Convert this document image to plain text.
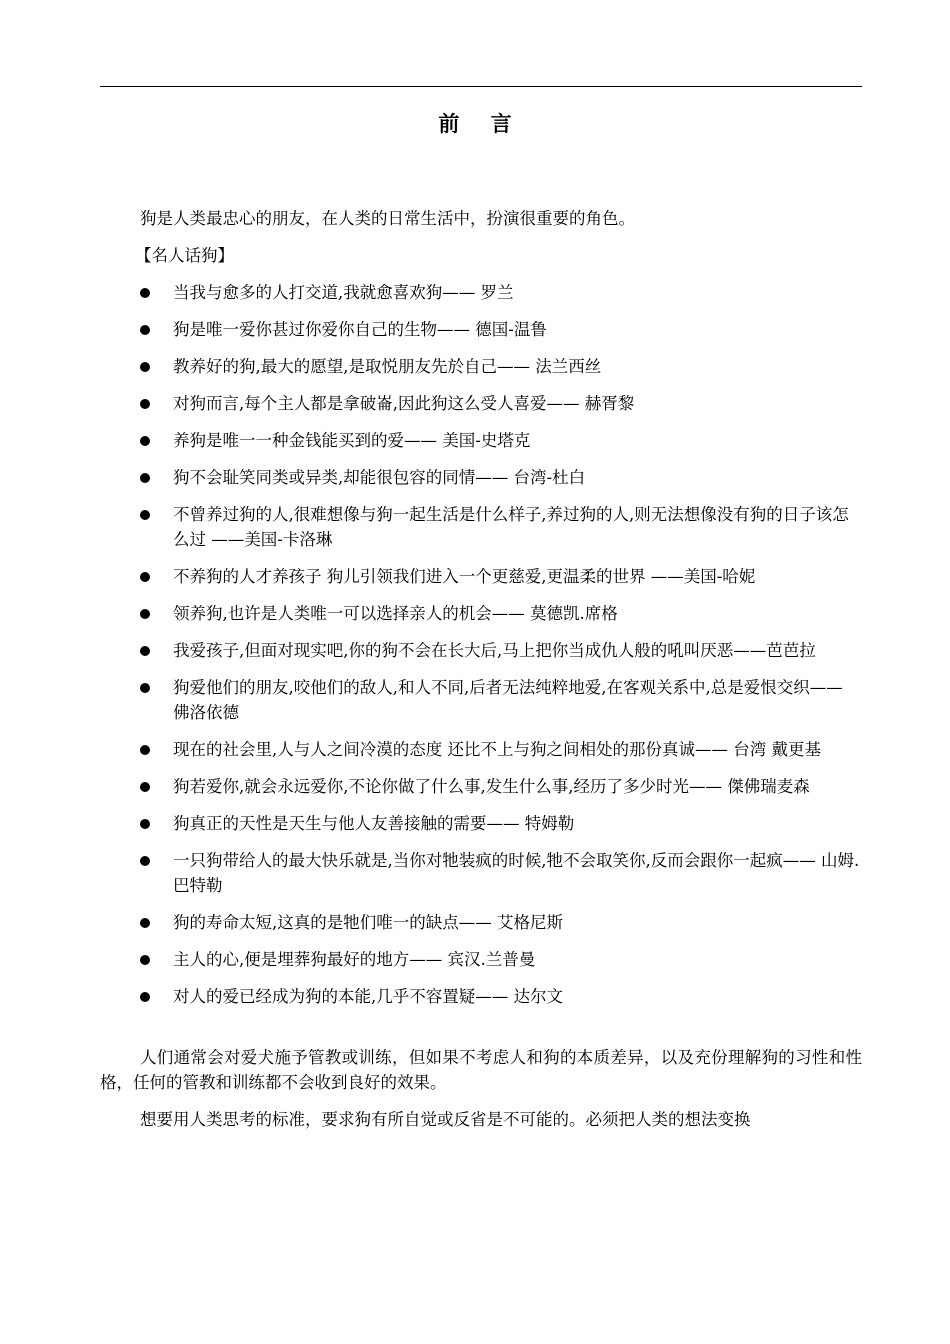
前 言

狗是人类最忠心的朋友，在人类的日常生活中，扮演很重要的角色。

【名人话狗】

当我与愈多的人打交道,我就愈喜欢狗—— 罗兰
狗是唯一爱你甚过你爱你自己的生物—— 德国-温鲁
教养好的狗,最大的愿望,是取悦朋友先於自己—— 法兰西丝
对狗而言,每个主人都是拿破崙,因此狗这么受人喜爱—— 赫胥黎
养狗是唯一一种金钱能买到的爱—— 美国-史塔克
狗不会耻笑同类或异类,却能很包容的同情—— 台湾-杜白
不曾养过狗的人,很难想像与狗一起生活是什么样子,养过狗的人,则无法想像没有狗的日子该怎么过 ——美国-卡洛琳
不养狗的人才养孩子 狗儿引领我们进入一个更慈爱,更温柔的世界 ——美国-哈妮
领养狗,也许是人类唯一可以选择亲人的机会—— 莫德凯.席格
我爱孩子,但面对现实吧,你的狗不会在长大后,马上把你当成仇人般的吼叫厌恶——芭芭拉
狗爱他们的朋友,咬他们的敌人,和人不同,后者无法纯粹地爱,在客观关系中,总是爱恨交织—— 佛洛依德
现在的社会里,人与人之间冷漠的态度 还比不上与狗之间相处的那份真诚—— 台湾 戴更基
狗若爱你,就会永远爱你,不论你做了什么事,发生什么事,经历了多少时光—— 傑佛瑞麦森
狗真正的天性是天生与他人友善接触的需要—— 特姆勒
一只狗带给人的最大快乐就是,当你对牠装疯的时候,牠不会取笑你,反而会跟你一起疯—— 山姆.巴特勒
狗的寿命太短,这真的是牠们唯一的缺点—— 艾格尼斯
主人的心,便是埋葬狗最好的地方—— 宾汉.兰普曼
对人的爱已经成为狗的本能,几乎不容置疑—— 达尔文

人们通常会对爱犬施予管教或训练，但如果不考虑人和狗的本质差异，以及充份理解狗的习性和性格，任何的管教和训练都不会收到良好的效果。

想要用人类思考的标准，要求狗有所自觉或反省是不可能的。必须把人类的想法变换
